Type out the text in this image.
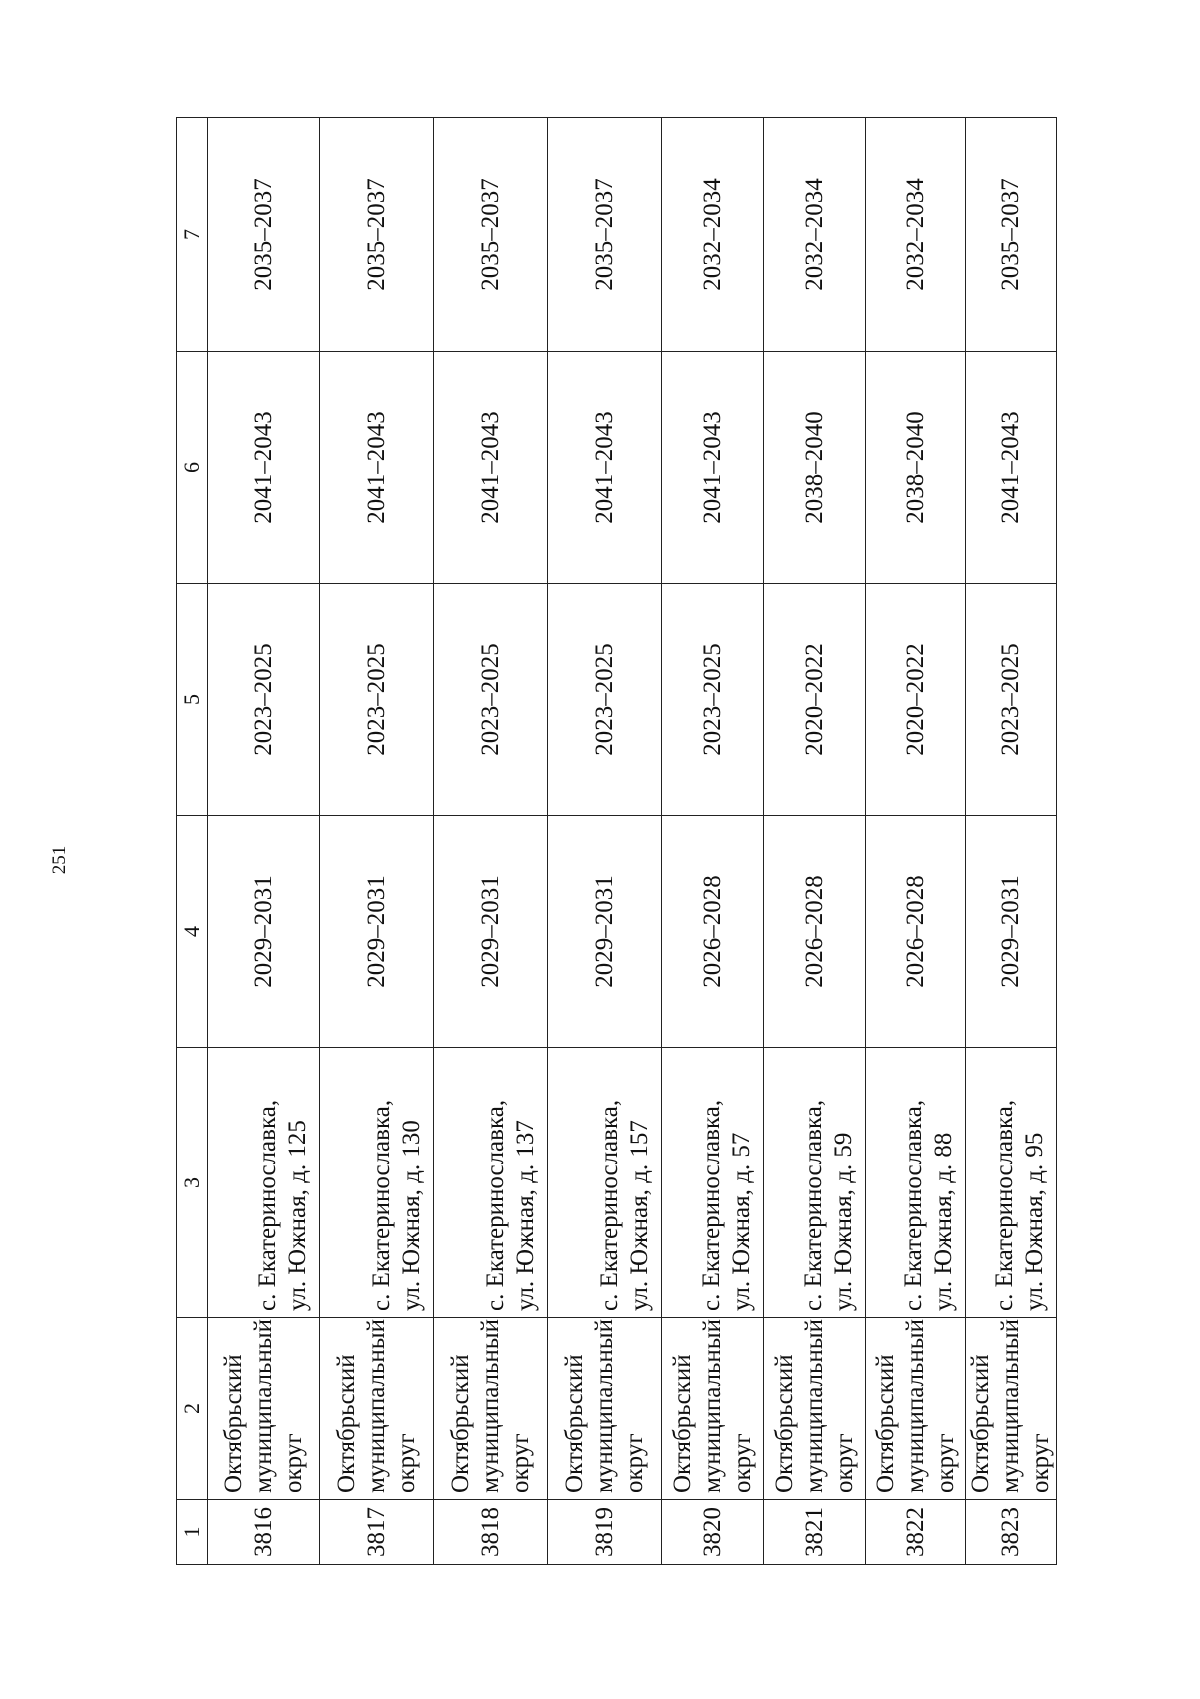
251
1	2	3	4	5	6	7
3816	Октябрьский муниципальный округ	с. Екатеринославка, ул. Южная, д. 125	2029–2031	2023–2025	2041–2043	2035–2037
3817	Октябрьский муниципальный округ	с. Екатеринославка, ул. Южная, д. 130	2029–2031	2023–2025	2041–2043	2035–2037
3818	Октябрьский муниципальный округ	с. Екатеринославка, ул. Южная, д. 137	2029–2031	2023–2025	2041–2043	2035–2037
3819	Октябрьский муниципальный округ	с. Екатеринославка, ул. Южная, д. 157	2029–2031	2023–2025	2041–2043	2035–2037
3820	Октябрьский муниципальный округ	с. Екатеринославка, ул. Южная, д. 57	2026–2028	2023–2025	2041–2043	2032–2034
3821	Октябрьский муниципальный округ	с. Екатеринославка, ул. Южная, д. 59	2026–2028	2020–2022	2038–2040	2032–2034
3822	Октябрьский муниципальный округ	с. Екатеринославка, ул. Южная, д. 88	2026–2028	2020–2022	2038–2040	2032–2034
3823	Октябрьский муниципальный округ	с. Екатеринославка, ул. Южная, д. 95	2029–2031	2023–2025	2041–2043	2035–2037
